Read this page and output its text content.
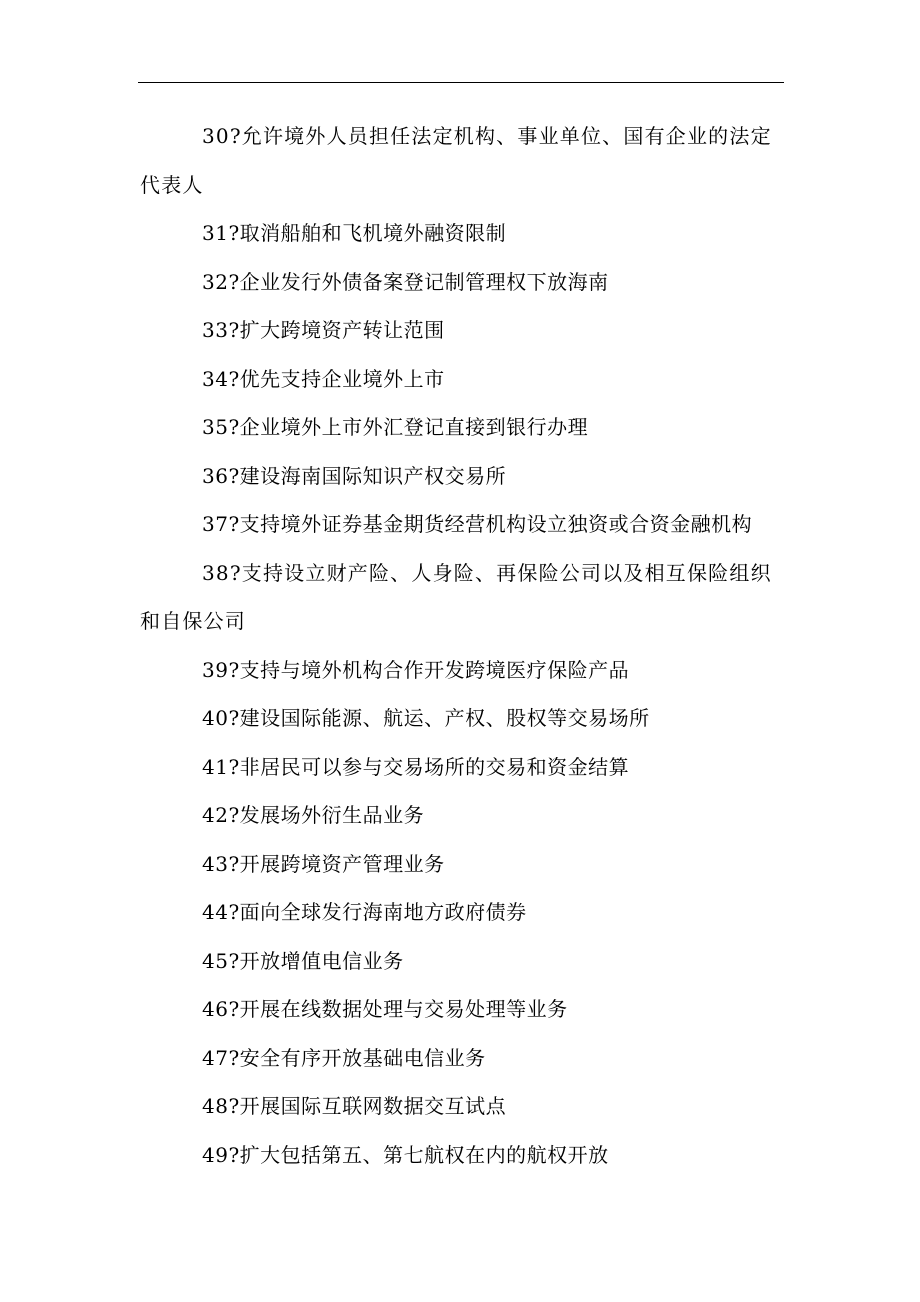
30?允许境外人员担任法定机构、事业单位、国有企业的法定代表人

31?取消船舶和飞机境外融资限制

32?企业发行外债备案登记制管理权下放海南

33?扩大跨境资产转让范围

34?优先支持企业境外上市

35?企业境外上市外汇登记直接到银行办理

36?建设海南国际知识产权交易所

37?支持境外证券基金期货经营机构设立独资或合资金融机构

38?支持设立财产险、人身险、再保险公司以及相互保险组织和自保公司

39?支持与境外机构合作开发跨境医疗保险产品

40?建设国际能源、航运、产权、股权等交易场所

41?非居民可以参与交易场所的交易和资金结算

42?发展场外衍生品业务

43?开展跨境资产管理业务

44?面向全球发行海南地方政府债券

45?开放增值电信业务

46?开展在线数据处理与交易处理等业务

47?安全有序开放基础电信业务

48?开展国际互联网数据交互试点

49?扩大包括第五、第七航权在内的航权开放
